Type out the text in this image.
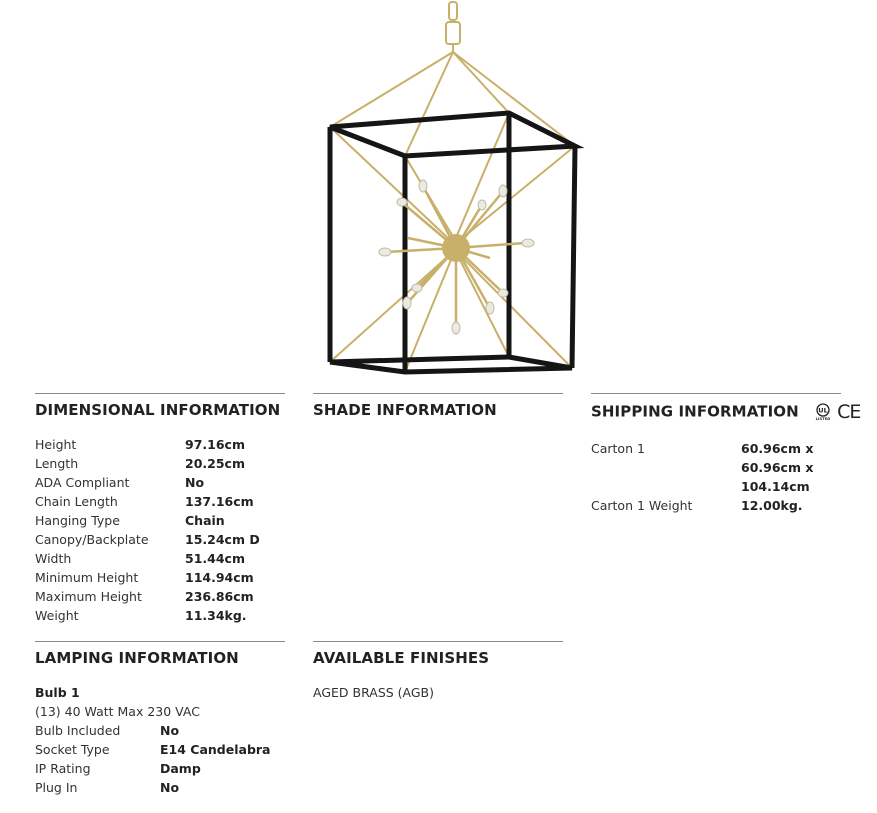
DIMENSIONAL INFORMATION
Height	97.16cm
Length	20.25cm
ADA Compliant	No
Chain Length	137.16cm
Hanging Type	Chain
Canopy/Backplate	15.24cm D
Width	51.44cm
Minimum Height	114.94cm
Maximum Height	236.86cm
Weight	11.34kg.
SHADE INFORMATION	SHIPPING INFORMATION	UL
LISTED CE
Carton 1	60.96cm x 60.96cm x 104.14cm
Carton 1 Weight	12.00kg.
LAMPING INFORMATION
Bulb 1
(13) 40 Watt Max 230 VAC
Bulb Included	No
Socket Type	E14 Candelabra
IP Rating	Damp
Plug In	No
AVAILABLE FINISHES
AGED BRASS (AGB)
